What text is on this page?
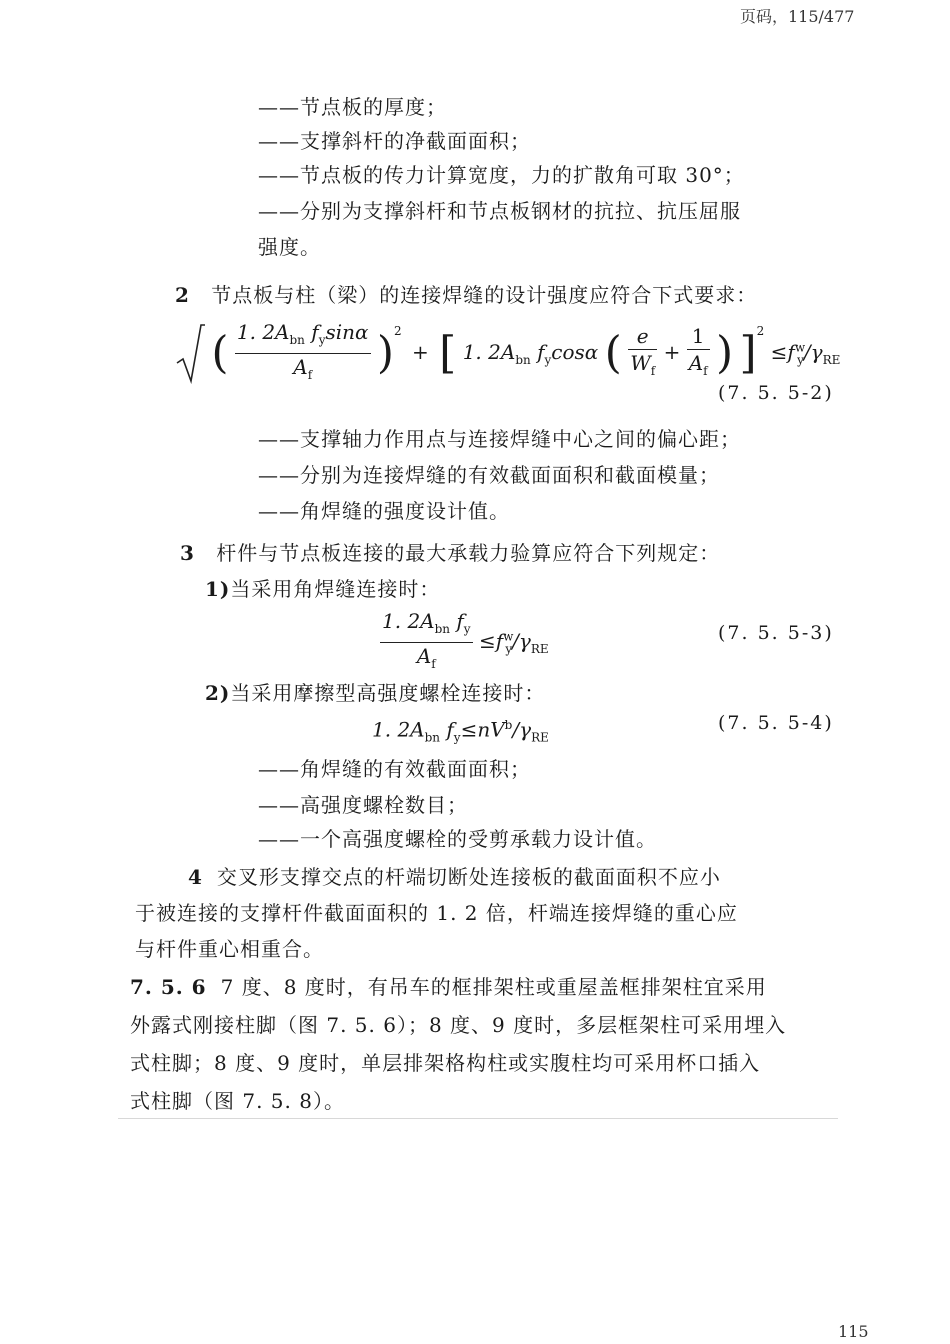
页码，115/477
——节点板的厚度；
——支撑斜杆的净截面面积；
——节点板的传力计算宽度，力的扩散角可取 30°；
——分别为支撑斜杆和节点板钢材的抗拉、抗压屈服
强度。
2 节点板与柱（梁）的连接焊缝的设计强度应符合下式要求：
( $\frac{1. 2A_{bn} f_y\sin\alpha}{A_f} )^2$ + [ 1. $2A_{bn}$ $f_y\cos\alpha$ ( $\frac{e}{W_f} + \frac{1}{A_f}$ ) ]$^2 \le f^w_y/\gamma_{RE}$
(7. 5. 5-2)
——支撑轴力作用点与连接焊缝中心之间的偏心距；
——分别为连接焊缝的有效截面面积和截面模量；
——角焊缝的强度设计值。
3 杆件与节点板连接的最大承载力验算应符合下列规定：
1)当采用角焊缝连接时：
$\frac{1. 2A_{bn} f_y}{A_f} \le f^w_y/\gamma_{RE}$
(7. 5. 5-3)
2)当采用摩擦型高强度螺栓连接时：
1. $2A_{bn}$ $f_y\le nV^b/\gamma_{RE}$
(7. 5. 5-4)
——角焊缝的有效截面面积；
——高强度螺栓数目；
——一个高强度螺栓的受剪承载力设计值。
4 交叉形支撑交点的杆端切断处连接板的截面面积不应小
于被连接的支撑杆件截面面积的 1. 2 倍，杆端连接焊缝的重心应
与杆件重心相重合。
7. 5. 6 7 度、8 度时，有吊车的框排架柱或重屋盖框排架柱宜采用
外露式刚接柱脚（图 7. 5. 6）；8 度、9 度时，多层框架柱可采用埋入
式柱脚；8 度、9 度时，单层排架格构柱或实腹柱均可采用杯口插入
式柱脚（图 7. 5. 8）。
115
